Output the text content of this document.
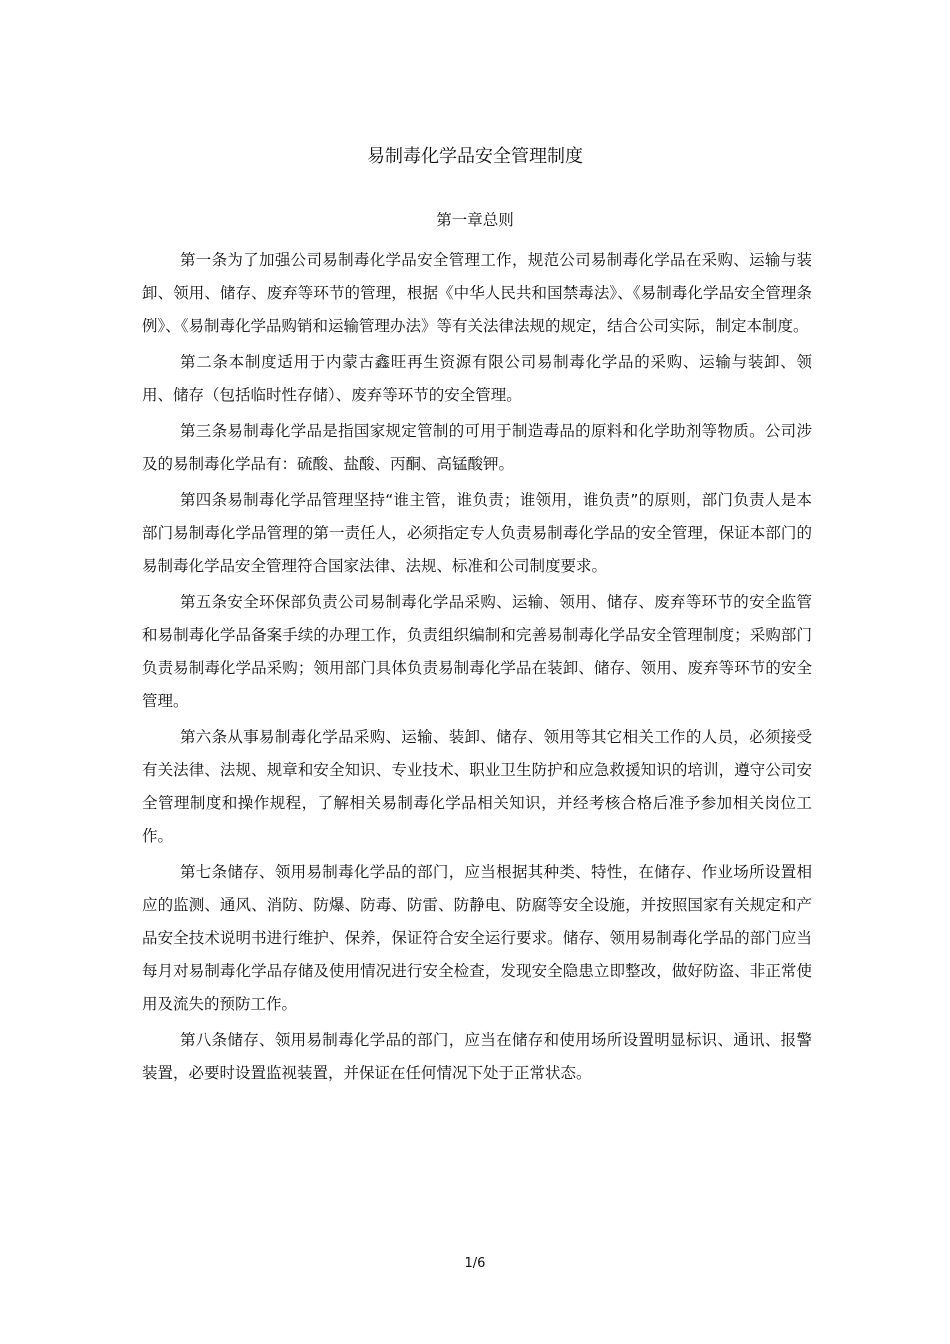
易制毒化学品安全管理制度
第一章总则

第一条为了加强公司易制毒化学品安全管理工作，规范公司易制毒化学品在采购、运输与装卸、领用、储存、废弃等环节的管理，根据《中华人民共和国禁毒法》、《易制毒化学品安全管理条例》、《易制毒化学品购销和运输管理办法》等有关法律法规的规定，结合公司实际，制定本制度。

第二条本制度适用于内蒙古鑫旺再生资源有限公司易制毒化学品的采购、运输与装卸、领用、储存（包括临时性存储）、废弃等环节的安全管理。

第三条易制毒化学品是指国家规定管制的可用于制造毒品的原料和化学助剂等物质。公司涉及的易制毒化学品有：硫酸、盐酸、丙酮、高锰酸钾。

第四条易制毒化学品管理坚持“谁主管，谁负责；谁领用，谁负责”的原则，部门负责人是本部门易制毒化学品管理的第一责任人，必须指定专人负责易制毒化学品的安全管理，保证本部门的易制毒化学品安全管理符合国家法律、法规、标准和公司制度要求。

第五条安全环保部负责公司易制毒化学品采购、运输、领用、储存、废弃等环节的安全监管和易制毒化学品备案手续的办理工作，负责组织编制和完善易制毒化学品安全管理制度；采购部门负责易制毒化学品采购；领用部门具体负责易制毒化学品在装卸、储存、领用、废弃等环节的安全管理。

第六条从事易制毒化学品采购、运输、装卸、储存、领用等其它相关工作的人员，必须接受有关法律、法规、规章和安全知识、专业技术、职业卫生防护和应急救援知识的培训，遵守公司安全管理制度和操作规程，了解相关易制毒化学品相关知识，并经考核合格后准予参加相关岗位工作。

第七条储存、领用易制毒化学品的部门，应当根据其种类、特性，在储存、作业场所设置相应的监测、通风、消防、防爆、防毒、防雷、防静电、防腐等安全设施，并按照国家有关规定和产品安全技术说明书进行维护、保养，保证符合安全运行要求。储存、领用易制毒化学品的部门应当每月对易制毒化学品存储及使用情况进行安全检查，发现安全隐患立即整改，做好防盗、非正常使用及流失的预防工作。

第八条储存、领用易制毒化学品的部门，应当在储存和使用场所设置明显标识、通讯、报警装置，必要时设置监视装置，并保证在任何情况下处于正常状态。

1/6
